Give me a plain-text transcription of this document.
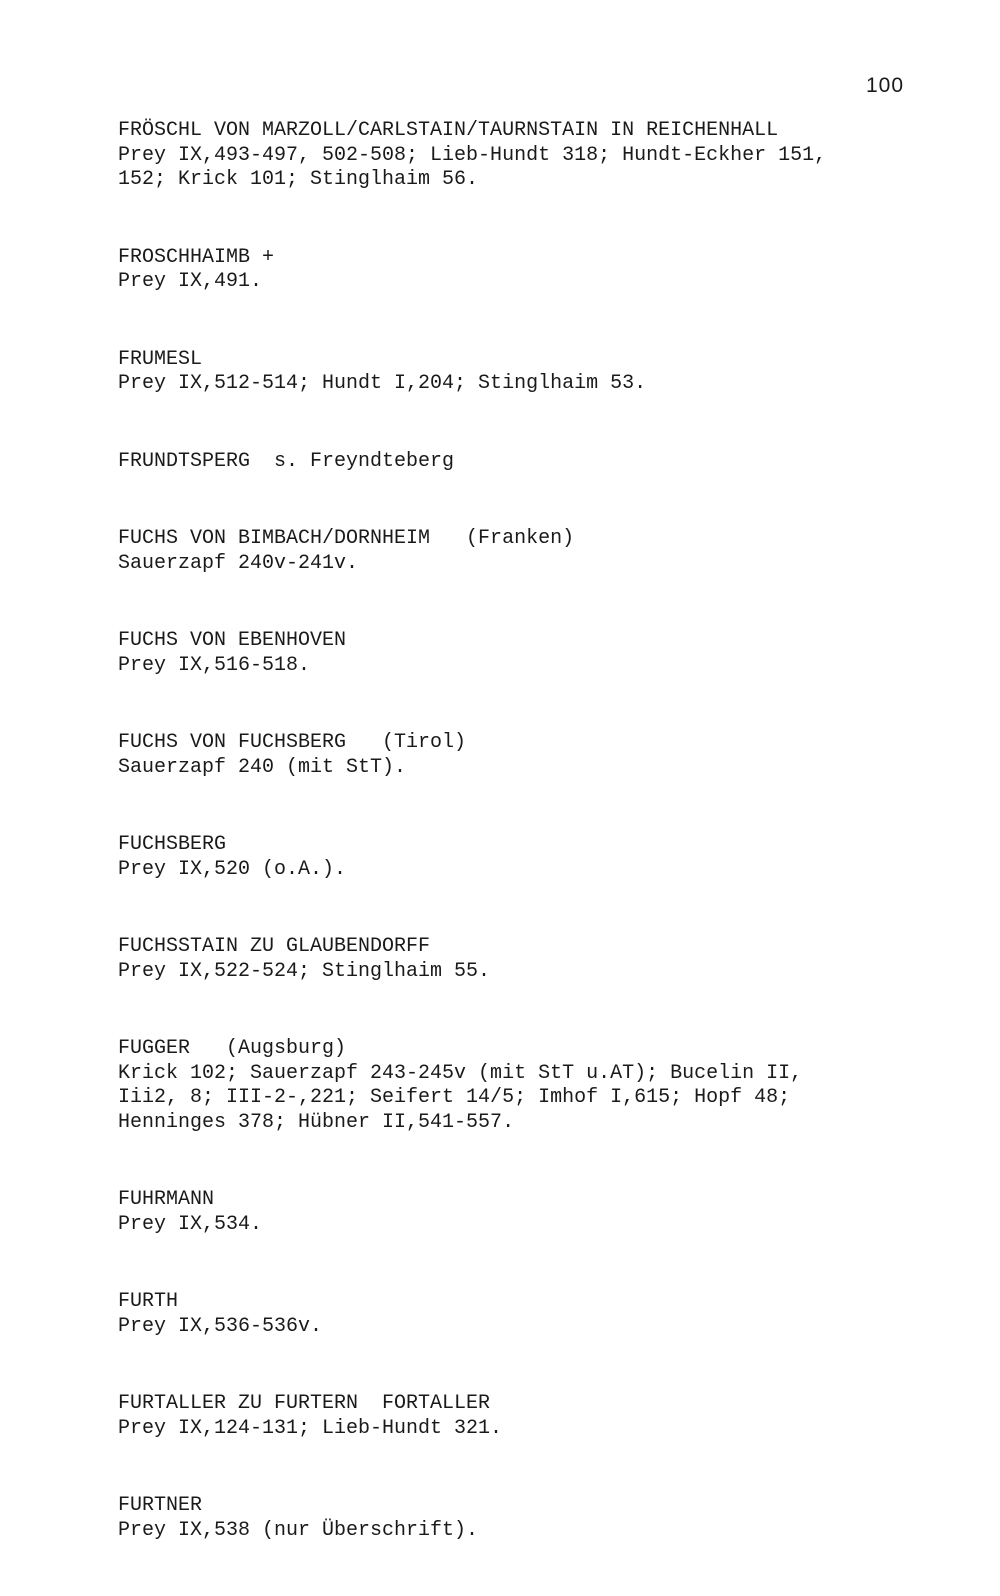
100
FRÖSCHL VON MARZOLL/CARLSTAIN/TAURNSTAIN IN REICHENHALL
Prey IX,493-497, 502-508; Lieb-Hundt 318; Hundt-Eckher 151,
152; Krick 101; Stinglhaim 56.
FROSCHHAIMB +
Prey IX,491.
FRUMESL
Prey IX,512-514; Hundt I,204; Stinglhaim 53.
FRUNDTSPERG  s. Freyndteberg
FUCHS VON BIMBACH/DORNHEIM   (Franken)
Sauerzapf 240v-241v.
FUCHS VON EBENHOVEN
Prey IX,516-518.
FUCHS VON FUCHSBERG   (Tirol)
Sauerzapf 240 (mit StT).
FUCHSBERG
Prey IX,520 (o.A.).
FUCHSSTAIN ZU GLAUBENDORFF
Prey IX,522-524; Stinglhaim 55.
FUGGER   (Augsburg)
Krick 102; Sauerzapf 243-245v (mit StT u.AT); Bucelin II,
Iii2, 8; III-2-,221; Seifert 14/5; Imhof I,615; Hopf 48;
Henninges 378; Hübner II,541-557.
FUHRMANN
Prey IX,534.
FURTH
Prey IX,536-536v.
FURTALLER ZU FURTERN  FORTALLER
Prey IX,124-131; Lieb-Hundt 321.
FURTNER
Prey IX,538 (nur Überschrift).
